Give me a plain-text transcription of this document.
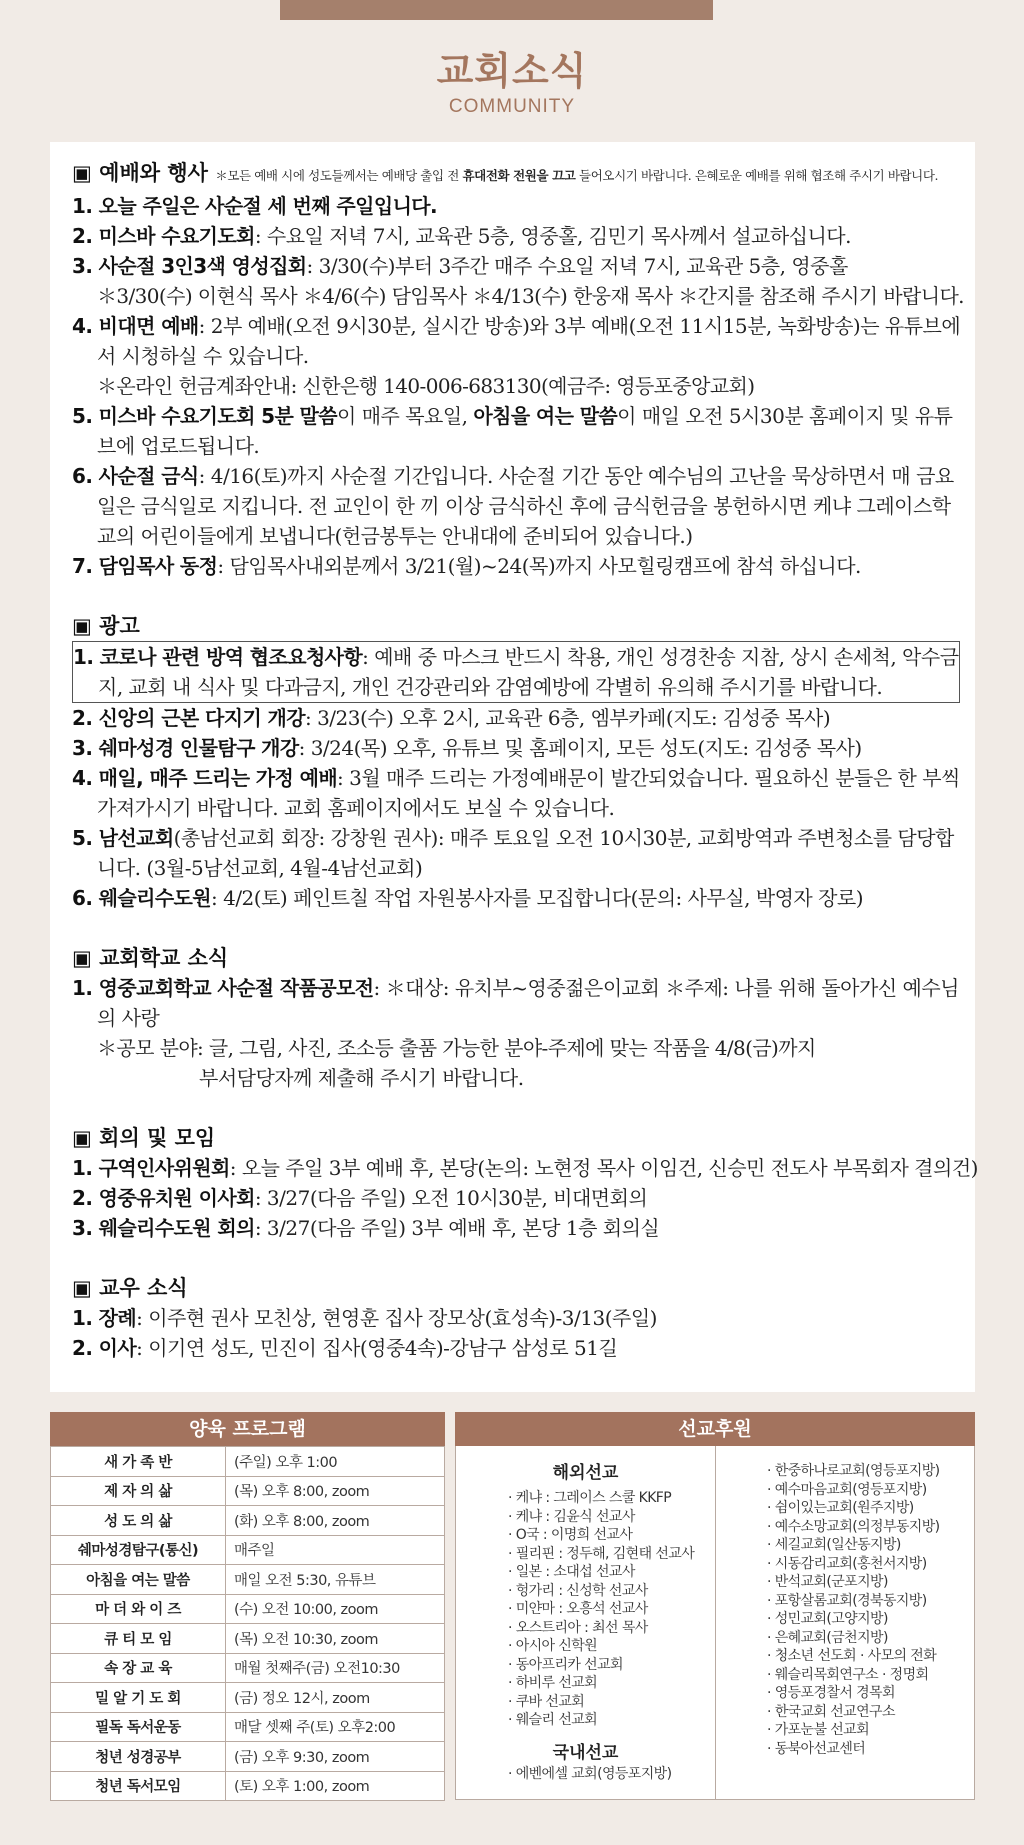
교회소식
COMMUNITY
▣ 예배와 행사 ＊모든 예배 시에 성도들께서는 예배당 출입 전 휴대전화 전원을 끄고 들어오시기 바랍니다. 은혜로운 예배를 위해 협조해 주시기 바랍니다.
1. 오늘 주일은 사순절 세 번째 주일입니다.
2. 미스바 수요기도회: 수요일 저녁 7시, 교육관 5층, 영중홀, 김민기 목사께서 설교하십니다.
3. 사순절 3인3색 영성집회: 3/30(수)부터 3주간 매주 수요일 저녁 7시, 교육관 5층, 영중홀
＊3/30(수) 이현식 목사 ＊4/6(수) 담임목사 ＊4/13(수) 한웅재 목사 ＊간지를 참조해 주시기 바랍니다.
4. 비대면 예배: 2부 예배(오전 9시30분, 실시간 방송)와 3부 예배(오전 11시15분, 녹화방송)는 유튜브에서 시청하실 수 있습니다.
＊온라인 헌금계좌안내: 신한은행 140-006-683130(예금주: 영등포중앙교회)
5. 미스바 수요기도회 5분 말씀이 매주 목요일, 아침을 여는 말씀이 매일 오전 5시30분 홈페이지 및 유튜브에 업로드됩니다.
6. 사순절 금식: 4/16(토)까지 사순절 기간입니다. 사순절 기간 동안 예수님의 고난을 묵상하면서 매 금요일은 금식일로 지킵니다. 전 교인이 한 끼 이상 금식하신 후에 금식헌금을 봉헌하시면 케냐 그레이스학교의 어린이들에게 보냅니다(헌금봉투는 안내대에 준비되어 있습니다.)
7. 담임목사 동정: 담임목사내외분께서 3/21(월)~24(목)까지 사모힐링캠프에 참석 하십니다.
▣ 광고
1. 코로나 관련 방역 협조요청사항: 예배 중 마스크 반드시 착용, 개인 성경찬송 지참, 상시 손세척, 악수금지, 교회 내 식사 및 다과금지, 개인 건강관리와 감염예방에 각별히 유의해 주시기를 바랍니다.
2. 신앙의 근본 다지기 개강: 3/23(수) 오후 2시, 교육관 6층, 엠부카페(지도: 김성중 목사)
3. 쉐마성경 인물탐구 개강: 3/24(목) 오후, 유튜브 및 홈페이지, 모든 성도(지도: 김성중 목사)
4. 매일, 매주 드리는 가정 예배: 3월 매주 드리는 가정예배문이 발간되었습니다. 필요하신 분들은 한 부씩 가져가시기 바랍니다. 교회 홈페이지에서도 보실 수 있습니다.
5. 남선교회(총남선교회 회장: 강창원 권사): 매주 토요일 오전 10시30분, 교회방역과 주변청소를 담당합니다. (3월-5남선교회, 4월-4남선교회)
6. 웨슬리수도원: 4/2(토) 페인트칠 작업 자원봉사자를 모집합니다(문의: 사무실, 박영자 장로)
▣ 교회학교 소식
1. 영중교회학교 사순절 작품공모전: ＊대상: 유치부~영중젊은이교회 ＊주제: 나를 위해 돌아가신 예수님의 사랑
＊공모 분야: 글, 그림, 사진, 조소등 출품 가능한 분야-주제에 맞는 작품을 4/8(금)까지
부서담당자께 제출해 주시기 바랍니다.
▣ 회의 및 모임
1. 구역인사위원회: 오늘 주일 3부 예배 후, 본당(논의: 노현정 목사 이임건, 신승민 전도사 부목회자 결의건)
2. 영중유치원 이사회: 3/27(다음 주일) 오전 10시30분, 비대면회의
3. 웨슬리수도원 회의: 3/27(다음 주일) 3부 예배 후, 본당 1층 회의실
▣ 교우 소식
1. 장례: 이주현 권사 모친상, 현영훈 집사 장모상(효성속)-3/13(주일)
2. 이사: 이기연 성도, 민진이 집사(영중4속)-강남구 삼성로 51길
양육 프로그램
새 가 족 반	(주일) 오후 1:00
제 자 의 삶	(목) 오후 8:00, zoom
성 도 의 삶	(화) 오후 8:00, zoom
쉐마성경탐구(통신)	매주일
아침을 여는 말씀	매일 오전 5:30, 유튜브
마 더 와 이 즈	(수) 오전 10:00, zoom
큐 티 모 임	(목) 오전 10:30, zoom
속 장 교 육	매월 첫째주(금) 오전10:30
밀 알 기 도 회	(금) 정오 12시, zoom
필독 독서운동	매달 셋째 주(토) 오후2:00
청년 성경공부	(금) 오후 9:30, zoom
청년 독서모임	(토) 오후 1:00, zoom
선교후원
해외선교
· 케냐 : 그레이스 스쿨 KKFP
· 케냐 : 김윤식 선교사
· O국 : 이명희 선교사
· 필리핀 : 정두해, 김현태 선교사
· 일본 : 소대섭 선교사
· 헝가리 : 신성학 선교사
· 미얀마 : 오흥석 선교사
· 오스트리아 : 최선 목사
· 아시아 신학원
· 동아프리카 선교회
· 하비루 선교회
· 쿠바 선교회
· 웨슬리 선교회
국내선교
· 에벤에셀 교회(영등포지방)
· 한중하나로교회(영등포지방)
· 예수마음교회(영등포지방)
· 쉼이있는교회(원주지방)
· 예수소망교회(의정부동지방)
· 세길교회(일산동지방)
· 시동감리교회(홍천서지방)
· 반석교회(군포지방)
· 포항살롬교회(경북동지방)
· 성민교회(고양지방)
· 은혜교회(금천지방)
· 청소년 선도회 · 사모의 전화
· 웨슬리목회연구소 · 정명회
· 영등포경찰서 경목회
· 한국교회 선교연구소
· 가포눈불 선교회
· 동북아선교센터
